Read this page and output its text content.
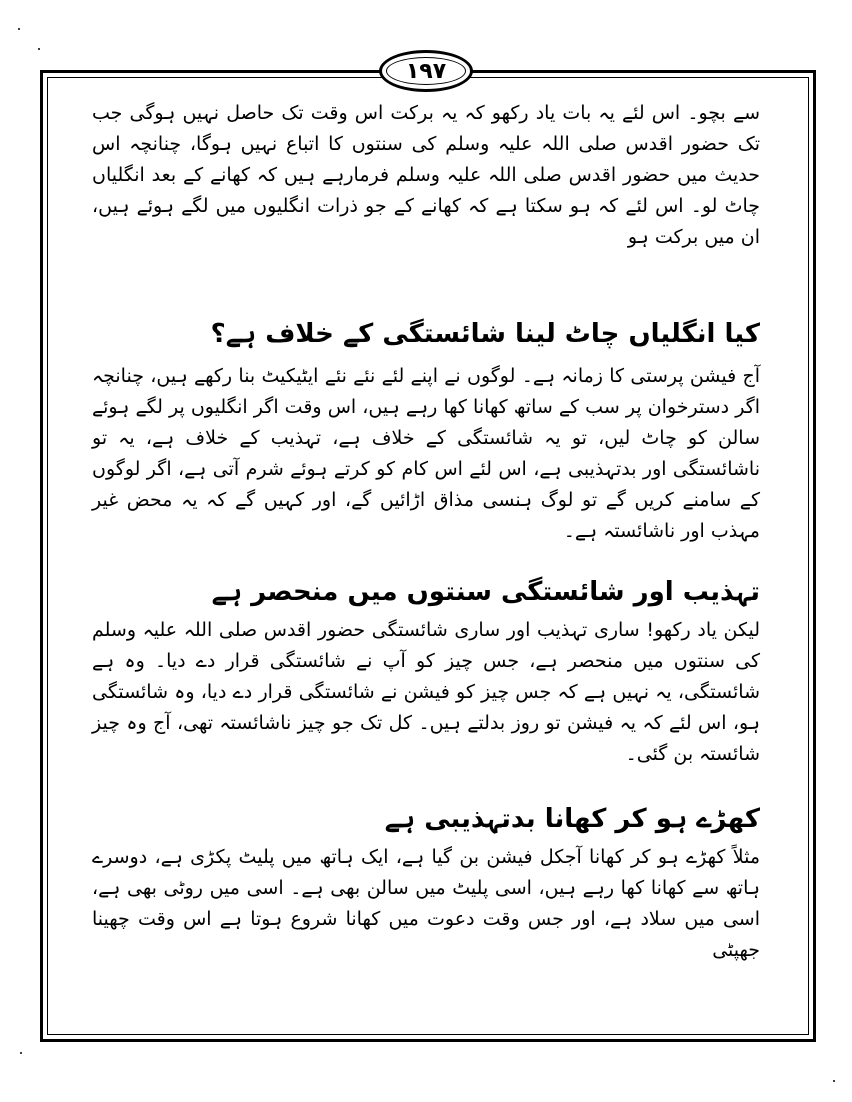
۱۹۷

سے بچو۔ اس لئے یہ بات یاد رکھو کہ یہ برکت اس وقت تک حاصل نہیں ہوگی جب تک حضور اقدس صلی اللہ علیہ وسلم کی سنتوں کا اتباع نہیں ہوگا، چنانچہ اس حدیث میں حضور اقدس صلی اللہ علیہ وسلم فرمارہے ہیں کہ کھانے کے بعد انگلیاں چاٹ لو۔ اس لئے کہ ہو سکتا ہے کہ کھانے کے جو ذرات انگلیوں میں لگے ہوئے ہیں، ان میں برکت ہو

کیا انگلیاں چاٹ لینا شائستگی کے خلاف ہے؟

آج فیشن پرستی کا زمانہ ہے۔ لوگوں نے اپنے لئے نئے نئے ایٹیکیٹ بنا رکھے ہیں، چنانچہ اگر دسترخوان پر سب کے ساتھ کھانا کھا رہے ہیں، اس وقت اگر انگلیوں پر لگے ہوئے سالن کو چاٹ لیں، تو یہ شائستگی کے خلاف ہے، تہذیب کے خلاف ہے، یہ تو ناشائستگی اور بدتہذیبی ہے، اس لئے اس کام کو کرتے ہوئے شرم آتی ہے، اگر لوگوں کے سامنے کریں گے تو لوگ ہنسی مذاق اڑائیں گے، اور کہیں گے کہ یہ محض غیر مہذب اور ناشائستہ ہے۔

تہذیب اور شائستگی سنتوں میں منحصر ہے

لیکن یاد رکھو! ساری تہذیب اور ساری شائستگی حضور اقدس صلی اللہ علیہ وسلم کی سنتوں میں منحصر ہے، جس چیز کو آپ نے شائستگی قرار دے دیا۔ وہ ہے شائستگی، یہ نہیں ہے کہ جس چیز کو فیشن نے شائستگی قرار دے دیا، وہ شائستگی ہو، اس لئے کہ یہ فیشن تو روز بدلتے ہیں۔ کل تک جو چیز ناشائستہ تھی، آج وہ چیز شائستہ بن گئی۔

کھڑے ہو کر کھانا بدتہذیبی ہے

مثلاً کھڑے ہو کر کھانا آجکل فیشن بن گیا ہے، ایک ہاتھ میں پلیٹ پکڑی ہے، دوسرے ہاتھ سے کھانا کھا رہے ہیں، اسی پلیٹ میں سالن بھی ہے۔ اسی میں روٹی بھی ہے، اسی میں سلاد ہے، اور جس وقت دعوت میں کھانا شروع ہوتا ہے اس وقت چھینا جھپٹی
